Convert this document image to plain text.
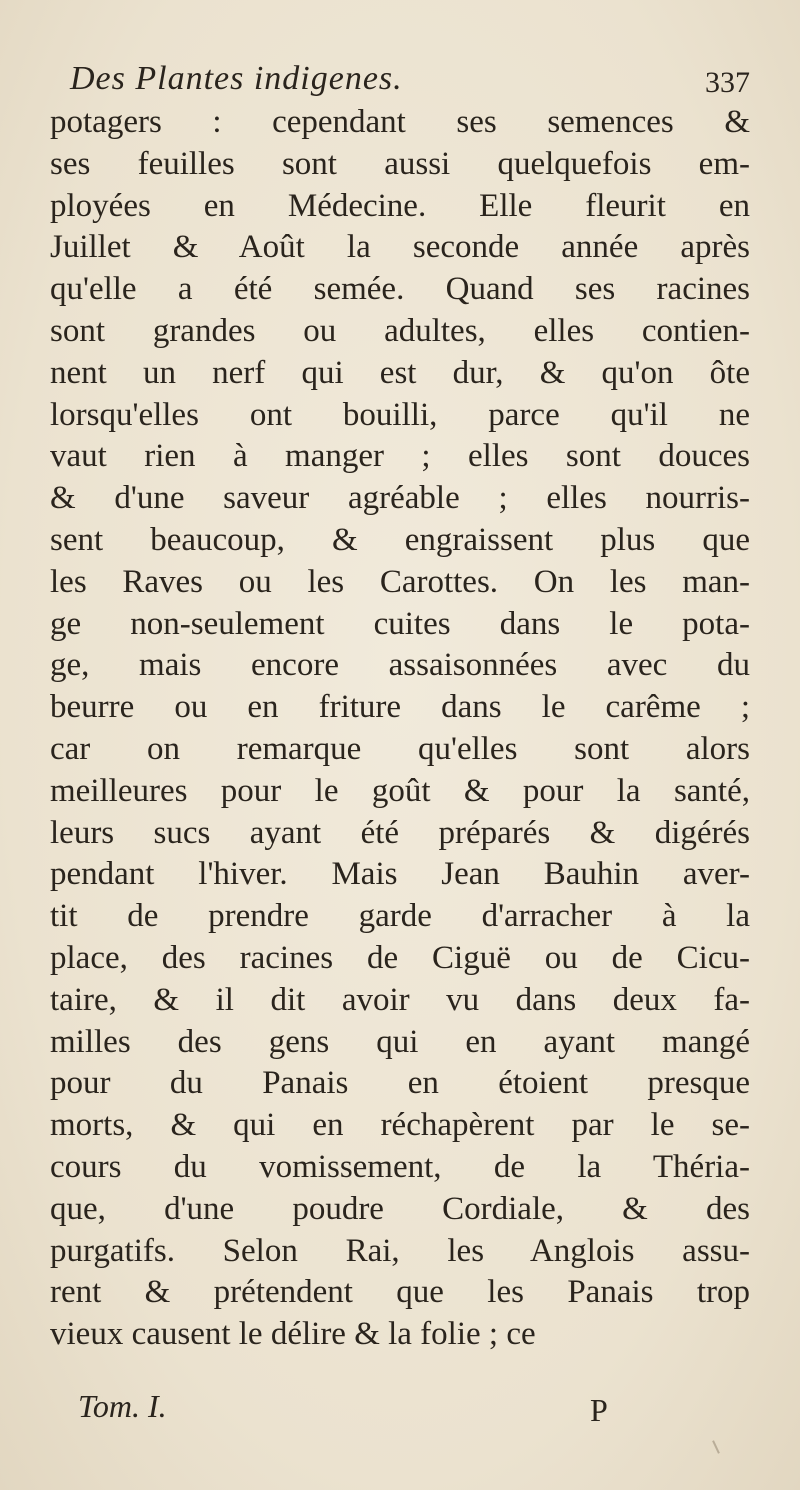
Des Plantes indigenes.	337
potagers : cependant ses semences &
ses feuilles sont aussi quelquefois em-
ployées en Médecine. Elle fleurit en
Juillet & Août la seconde année après
qu'elle a été semée. Quand ses racines
sont grandes ou adultes, elles contien-
nent un nerf qui est dur, & qu'on ôte
lorsqu'elles ont bouilli, parce qu'il ne
vaut rien à manger ; elles sont douces
& d'une saveur agréable ; elles nourris-
sent beaucoup, & engraissent plus que
les Raves ou les Carottes. On les man-
ge non-seulement cuites dans le pota-
ge, mais encore assaisonnées avec du
beurre ou en friture dans le carême ;
car on remarque qu'elles sont alors
meilleures pour le goût & pour la santé,
leurs sucs ayant été préparés & digérés
pendant l'hiver. Mais Jean Bauhin aver-
tit de prendre garde d'arracher à la
place, des racines de Ciguë ou de Cicu-
taire, & il dit avoir vu dans deux fa-
milles des gens qui en ayant mangé
pour du Panais en étoient presque
morts, & qui en réchapèrent par le se-
cours du vomissement, de la Théria-
que, d'une poudre Cordiale, & des
purgatifs. Selon Rai, les Anglois assu-
rent & prétendent que les Panais trop
vieux causent le délire & la folie ; ce
Tom. I.	P
